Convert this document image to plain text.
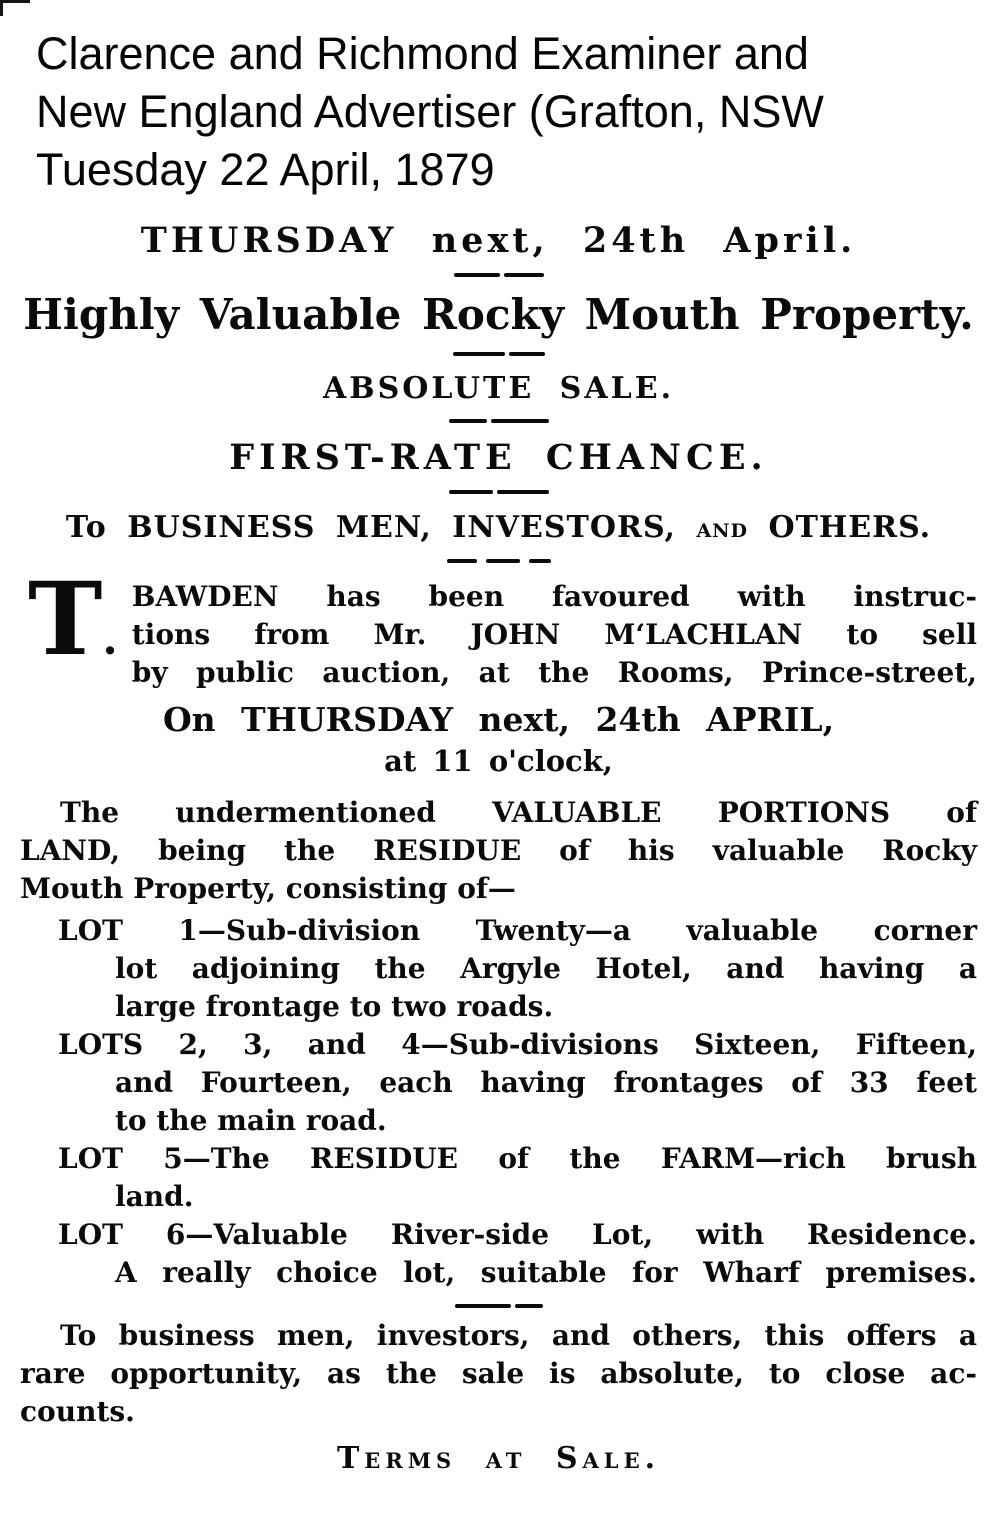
Clarence and Richmond Examiner and
New England Advertiser (Grafton, NSW
Tuesday 22 April, 1879
THURSDAY next, 24th April.
Highly Valuable Rocky Mouth Property.
ABSOLUTE SALE.
FIRST-RATE CHANCE.
To BUSINESS MEN, INVESTORS, and OTHERS.
T.
BAWDEN has been favoured with instruc-
tions from Mr. JOHN M‘LACHLAN to sell
by public auction, at the Rooms, Prince-street,
On THURSDAY next, 24th APRIL,
at 11 o'clock,
The undermentioned VALUABLE PORTIONS of
LAND, being the RESIDUE of his valuable Rocky
Mouth Property, consisting of—
LOT 1—Sub-division Twenty—a valuable corner
lot adjoining the Argyle Hotel, and having a
large frontage to two roads.
LOTS 2, 3, and 4—Sub-divisions Sixteen, Fifteen,
and Fourteen, each having frontages of 33 feet
to the main road.
LOT 5—The RESIDUE of the FARM—rich brush
land.
LOT 6—Valuable River-side Lot, with Residence.
A really choice lot, suitable for Wharf premises.
To business men, investors, and others, this offers a
rare opportunity, as the sale is absolute, to close ac-
counts.
Terms at Sale.
